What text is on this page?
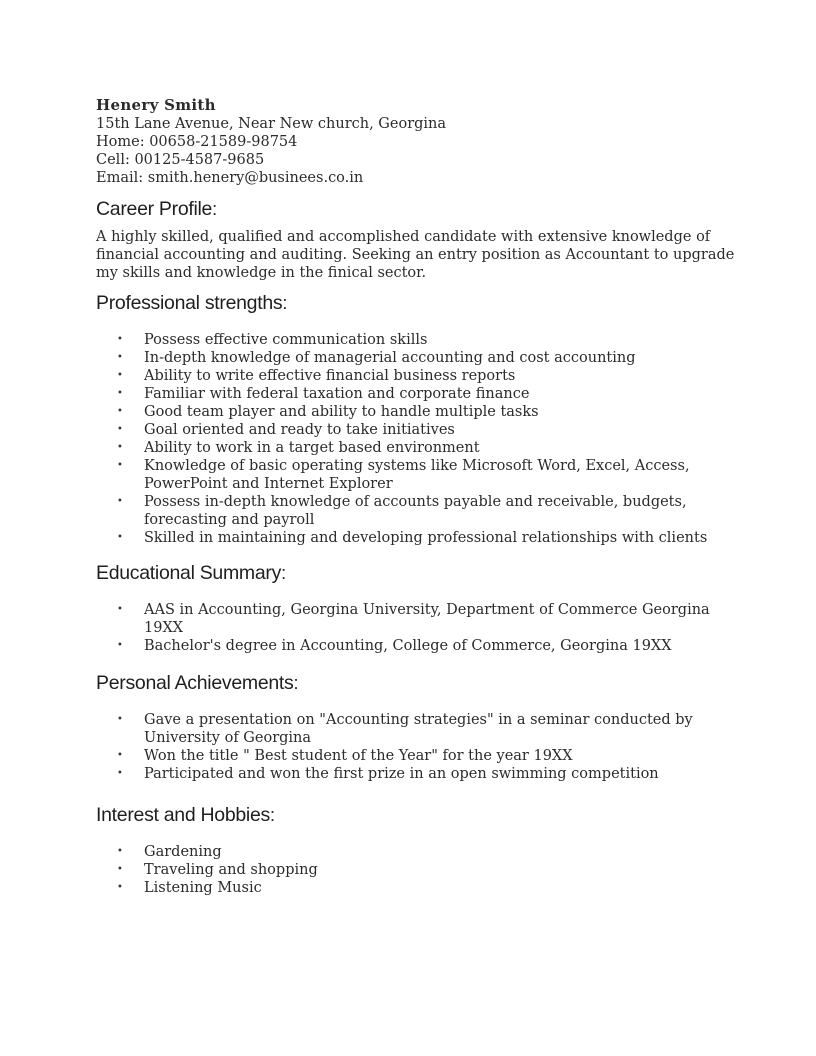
Henery Smith
15th Lane Avenue, Near New church, Georgina
Home: 00658-21589-98754
Cell: 00125-4587-9685
Email: smith.henery@businees.co.in
Career Profile:
A highly skilled, qualified and accomplished candidate with extensive knowledge of financial accounting and auditing. Seeking an entry position as Accountant to upgrade my skills and knowledge in the finical sector.
Professional strengths:
• Possess effective communication skills
• In-depth knowledge of managerial accounting and cost accounting
• Ability to write effective financial business reports
• Familiar with federal taxation and corporate finance
• Good team player and ability to handle multiple tasks
• Goal oriented and ready to take initiatives
• Ability to work in a target based environment
• Knowledge of basic operating systems like Microsoft Word, Excel, Access, PowerPoint and Internet Explorer
• Possess in-depth knowledge of accounts payable and receivable, budgets, forecasting and payroll
• Skilled in maintaining and developing professional relationships with clients
Educational Summary:
• AAS in Accounting, Georgina University, Department of Commerce Georgina 19XX
• Bachelor's degree in Accounting, College of Commerce, Georgina 19XX
Personal Achievements:
• Gave a presentation on "Accounting strategies" in a seminar conducted by University of Georgina
• Won the title " Best student of the Year" for the year 19XX
• Participated and won the first prize in an open swimming competition
Interest and Hobbies:
• Gardening
• Traveling and shopping
• Listening Music
